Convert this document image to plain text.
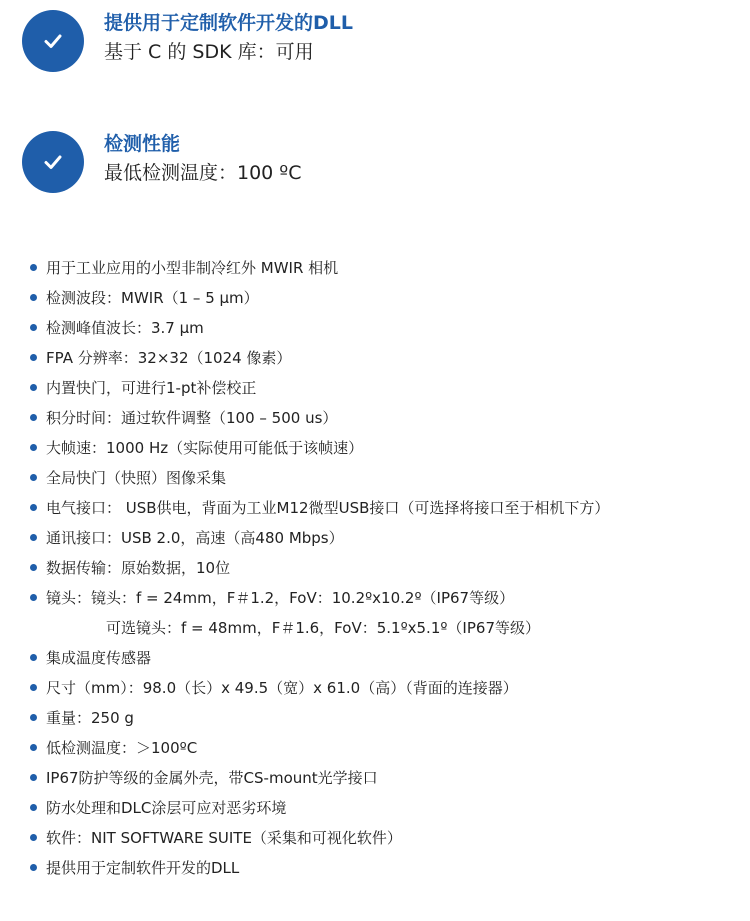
提供用于定制软件开发的DLL
基于 C 的 SDK 库：可用
检测性能
最低检测温度：100 ºC
用于工业应用的小型非制冷红外 MWIR 相机
检测波段：MWIR（1 – 5 μm）
检测峰值波长：3.7 μm
FPA 分辨率：32×32（1024 像素）
内置快门，可进行1-pt补偿校正
积分时间：通过软件调整（100 – 500 us）
大帧速：1000 Hz（实际使用可能低于该帧速）
全局快门（快照）图像采集
电气接口： USB供电，背面为工业M12微型USB接口（可选择将接口至于相机下方）
通讯接口：USB 2.0，高速（高480 Mbps）
数据传输：原始数据，10位
镜头：镜头：f = 24mm，F＃1.2，FoV：10.2ºx10.2º（IP67等级）
可选镜头：f = 48mm，F＃1.6，FoV：5.1ºx5.1º（IP67等级）
集成温度传感器
尺寸（mm）：98.0（长）x 49.5（宽）x 61.0（高）（背面的连接器）
重量：250 g
低检测温度：＞100ºC
IP67防护等级的金属外壳，带CS-mount光学接口
防水处理和DLC涂层可应对恶劣环境
软件：NIT SOFTWARE SUITE（采集和可视化软件）
提供用于定制软件开发的DLL
